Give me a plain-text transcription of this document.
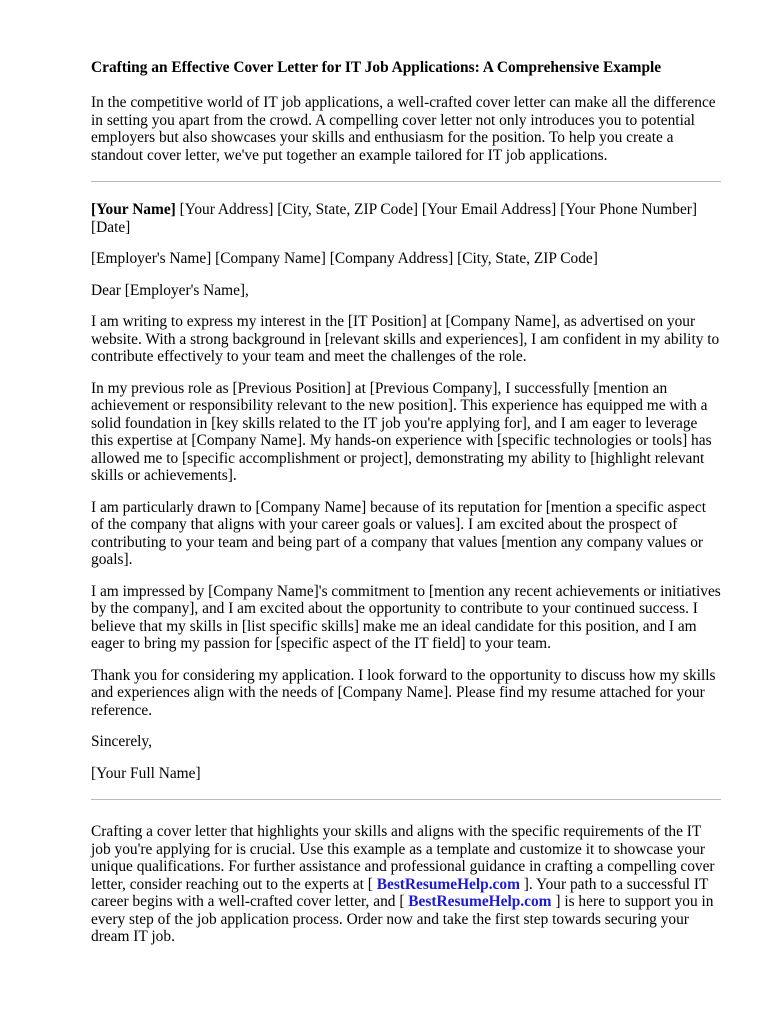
Crafting an Effective Cover Letter for IT Job Applications: A Comprehensive Example

In the competitive world of IT job applications, a well-crafted cover letter can make all the difference in setting you apart from the crowd. A compelling cover letter not only introduces you to potential employers but also showcases your skills and enthusiasm for the position. To help you create a standout cover letter, we've put together an example tailored for IT job applications.

[Your Name] [Your Address] [City, State, ZIP Code] [Your Email Address] [Your Phone Number] [Date]

[Employer's Name] [Company Name] [Company Address] [City, State, ZIP Code]

Dear [Employer's Name],

I am writing to express my interest in the [IT Position] at [Company Name], as advertised on your website. With a strong background in [relevant skills and experiences], I am confident in my ability to contribute effectively to your team and meet the challenges of the role.

In my previous role as [Previous Position] at [Previous Company], I successfully [mention an achievement or responsibility relevant to the new position]. This experience has equipped me with a solid foundation in [key skills related to the IT job you're applying for], and I am eager to leverage this expertise at [Company Name]. My hands-on experience with [specific technologies or tools] has allowed me to [specific accomplishment or project], demonstrating my ability to [highlight relevant skills or achievements].

I am particularly drawn to [Company Name] because of its reputation for [mention a specific aspect of the company that aligns with your career goals or values]. I am excited about the prospect of contributing to your team and being part of a company that values [mention any company values or goals].

I am impressed by [Company Name]'s commitment to [mention any recent achievements or initiatives by the company], and I am excited about the opportunity to contribute to your continued success. I believe that my skills in [list specific skills] make me an ideal candidate for this position, and I am eager to bring my passion for [specific aspect of the IT field] to your team.

Thank you for considering my application. I look forward to the opportunity to discuss how my skills and experiences align with the needs of [Company Name]. Please find my resume attached for your reference.

Sincerely,

[Your Full Name]

Crafting a cover letter that highlights your skills and aligns with the specific requirements of the IT job you're applying for is crucial. Use this example as a template and customize it to showcase your unique qualifications. For further assistance and professional guidance in crafting a compelling cover letter, consider reaching out to the experts at [ BestResumeHelp.com ]. Your path to a successful IT career begins with a well-crafted cover letter, and [ BestResumeHelp.com ] is here to support you in every step of the job application process. Order now and take the first step towards securing your dream IT job.
